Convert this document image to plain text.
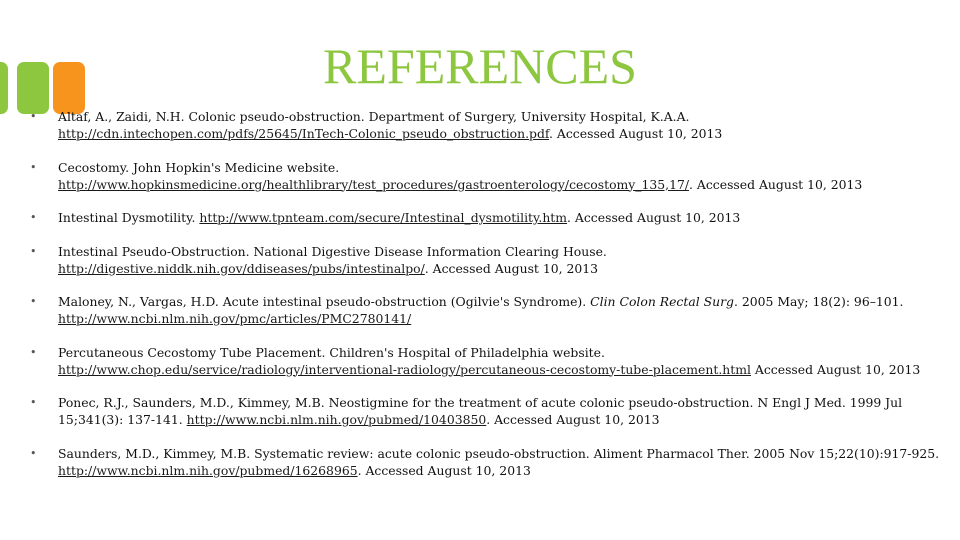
REFERENCES
• Altaf, A., Zaidi, N.H. Colonic pseudo-obstruction. Department of Surgery, University Hospital, K.A.A. http://cdn.intechopen.com/pdfs/25645/InTech-Colonic_pseudo_obstruction.pdf. Accessed August 10, 2013
• Cecostomy. John Hopkin's Medicine website. http://www.hopkinsmedicine.org/healthlibrary/test_procedures/gastroenterology/cecostomy_135,17/. Accessed August 10, 2013
• Intestinal Dysmotility. http://www.tpnteam.com/secure/Intestinal_dysmotility.htm. Accessed August 10, 2013
• Intestinal Pseudo-Obstruction. National Digestive Disease Information Clearing House. http://digestive.niddk.nih.gov/ddiseases/pubs/intestinalpo/. Accessed August 10, 2013
• Maloney, N., Vargas, H.D. Acute intestinal pseudo-obstruction (Ogilvie's Syndrome). Clin Colon Rectal Surg. 2005 May; 18(2): 96–101. http://www.ncbi.nlm.nih.gov/pmc/articles/PMC2780141/
• Percutaneous Cecostomy Tube Placement. Children's Hospital of Philadelphia website. http://www.chop.edu/service/radiology/interventional-radiology/percutaneous-cecostomy-tube-placement.html Accessed August 10, 2013
• Ponec, R.J., Saunders, M.D., Kimmey, M.B. Neostigmine for the treatment of acute colonic pseudo-obstruction. N Engl J Med. 1999 Jul 15;341(3): 137-141. http://www.ncbi.nlm.nih.gov/pubmed/10403850. Accessed August 10, 2013
• Saunders, M.D., Kimmey, M.B. Systematic review: acute colonic pseudo-obstruction. Aliment Pharmacol Ther. 2005 Nov 15;22(10):917-925. http://www.ncbi.nlm.nih.gov/pubmed/16268965. Accessed August 10, 2013
